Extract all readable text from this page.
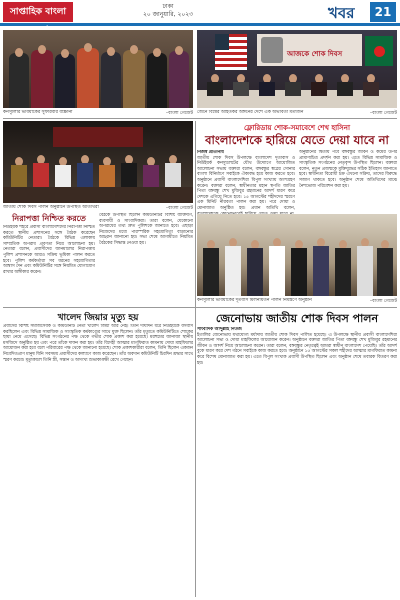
সাপ্তাহিক বাংলা
ঢাকা
২০ জানুয়ারি, ২০২৩	খবর	21
কনস্যুলার ভবিয়ার্কের সুফারবার বাস্ক্রানা	–বাংলা গেজেট
আজকে শোক দিবস
জেনে বিশ্বের আহতকর অঙ্গনের দেশে এক অভাবতা মত্যজন	–বাংলা গেজেট
জাতীয় শোক দিবস পালন অনুষ্ঠানে উপস্থিত অতিথিরা	–বাংলা গেজেট
ফ্লোরিডায় শোক-সমাবেশে শেখ হাসিনা
বাংলাদেশকে হারিয়ে যেতে দেয়া যাবে না
নিজস্ব প্রতিনিধি
জাতীয় শোক দিবস উপলক্ষে বাংলাদেশ দূতাবাস ও নিউইয়র্ক কনস্যুলেটের যৌথ উদ্যোগে আয়োজিত আলোচনা সভায় বক্তারা বলেন, বঙ্গবন্ধুর স্বপ্নের সোনার বাংলা বিনির্মাণে সবাইকে ঐক্যবদ্ধ হয়ে কাজ করতে হবে। অনুষ্ঠানে প্রবাসী বাংলাদেশিরা বিপুল সংখ্যায় অংশগ্রহণ করেন। বক্তারা বলেন, স্বাধীনতার মহান স্থপতি জাতির পিতা বঙ্গবন্ধু শেখ মুজিবুর রহমানের আদর্শ ধারণ করে দেশকে এগিয়ে নিতে হবে। ১৫ আগস্টের শহীদদের স্মরণে এক মিনিট নীরবতা পালন করা হয়। পরে দোয়া ও মোনাজাত অনুষ্ঠিত হয়। প্রধান অতিথি বলেন,
অনুষ্ঠানের দ্বিতীয় পর্বে বঙ্গবন্ধুর জীবন ও কর্মের উপর প্রামাণ্যচিত্র প্রদর্শন করা হয়। এতে বিভিন্ন সামাজিক ও সাংস্কৃতিক সংগঠনের নেতৃবৃন্দ উপস্থিত ছিলেন। বক্তারা বলেন, নতুন প্রজন্মকে মুক্তিযুদ্ধের সঠিক ইতিহাস জানাতে হবে। স্বাধীনতা বিরোধী চক্র এখনো সক্রিয়, তাদের বিরুদ্ধে সজাগ থাকতে হবে। অনুষ্ঠান শেষে অতিথিদের মাঝে নৈশভোজ পরিবেশন করা হয়।
নিরাপত্তা নিশ্চিত করতে
নিউইয়র্ক শহরে প্রবাসী বাংলাদেশিদের নিরাপত্তা নিশ্চিত করতে স্থানীয় প্রশাসনের সঙ্গে বৈঠক করেছেন কমিউনিটির নেতারা। বৈঠকে বিভিন্ন এলাকায় সাম্প্রতিক অপরাধ প্রবণতা নিয়ে আলোচনা হয়। নেতারা বলেন, প্রবাসীদের জানমালের নিরাপত্তায় পুলিশ প্রশাসনকে আরও সক্রিয় ভূমিকা পালন করতে হবে। পুলিশ কর্মকর্তারা সব ধরনের সহযোগিতার আশ্বাস দেন এবং কমিউনিটির সঙ্গে নিয়মিত যোগাযোগ রাখার অঙ্গীকার করেন।
বৈঠকে উপস্থিত ছিলেন কমিউনিটির বিশিষ্ট ব্যক্তিবর্গ, ব্যবসায়ী ও সাংবাদিকরা। তারা বলেন, যেকোনো অপরাধের তথ্য দ্রুত পুলিশকে জানাতে হবে। এছাড়া নিজেদের মধ্যে পারস্পরিক সহযোগিতা বাড়ানোর আহ্বান জানানো হয়। সভা শেষে আগামীতে নিয়মিত বৈঠকের সিদ্ধান্ত নেওয়া হয়।
কনস্যুলার ভবিয়ার্কের দূতবাস মিলনায়তন পালন নিমন্ত্রণে অনুষ্ঠান	–বাংলা গেজেট
খালেদ জিয়ার মৃত্যু হয়
প্রবাসের বিশিষ্ট সমাজসেবক ও কমিউনিটি নেতা খালেদ জিয়া আর নেই। তিনি দীর্ঘদিন ধরে নিউইয়র্কে বসবাস করছিলেন এবং বিভিন্ন সামাজিক ও সাংস্কৃতিক কর্মকাণ্ডের সাথে যুক্ত ছিলেন। তাঁর মৃত্যুতে কমিউনিটিতে শোকের ছায়া নেমে এসেছে। বিভিন্ন সংগঠনের পক্ষ থেকে গভীর শোক প্রকাশ করা হয়েছে। মরহুমের জানাজা স্থানীয় মসজিদে অনুষ্ঠিত হয় এবং পরে তাঁকে দাফন করা হয়। তাঁর বিদেহী আত্মার মাগফিরাত কামনায় দোয়া মাহফিলের আয়োজন করা হবে বলে পরিবারের পক্ষ থেকে জানানো হয়েছে। শোক প্রকাশকারীরা বলেন, তিনি ছিলেন একজন নিবেদিতপ্রাণ মানুষ যিনি সবসময় প্রবাসীদের কল্যাণে কাজ করেছেন। তাঁর অবদান কমিউনিটি চিরদিন শ্রদ্ধার সাথে স্মরণ করবে। মৃত্যুকালে তিনি স্ত্রী, সন্তান ও অসংখ্য শুভাকাঙ্ক্ষী রেখে গেছেন।
জেনোভায় জাতীয় শোক দিবস পালন
সাংবাদিক আব্দুল্লাহ নিউজ
ইতালির জেনোভায় যথাযোগ্য মর্যাদায় জাতীয় শোক দিবস পালিত হয়েছে। এ উপলক্ষে স্থানীয় প্রবাসী বাংলাদেশিরা আলোচনা সভা ও দোয়া মাহফিলের আয়োজন করেন। অনুষ্ঠানে বক্তারা জাতির পিতা বঙ্গবন্ধু শেখ মুজিবুর রহমানের জীবন ও আদর্শ নিয়ে আলোচনা করেন। তারা বলেন, বঙ্গবন্ধুর নেতৃত্বেই আমরা স্বাধীন বাংলাদেশ পেয়েছি। তাঁর আদর্শ বুকে ধারণ করে দেশ গঠনে সবাইকে কাজ করতে হবে। অনুষ্ঠানে ১৫ আগস্টের সকল শহীদের আত্মার মাগফিরাত কামনা করে বিশেষ মোনাজাত করা হয়। এতে বিপুল সংখ্যক প্রবাসী উপস্থিত ছিলেন এবং অনুষ্ঠান শেষে তবারক বিতরণ করা হয়।
